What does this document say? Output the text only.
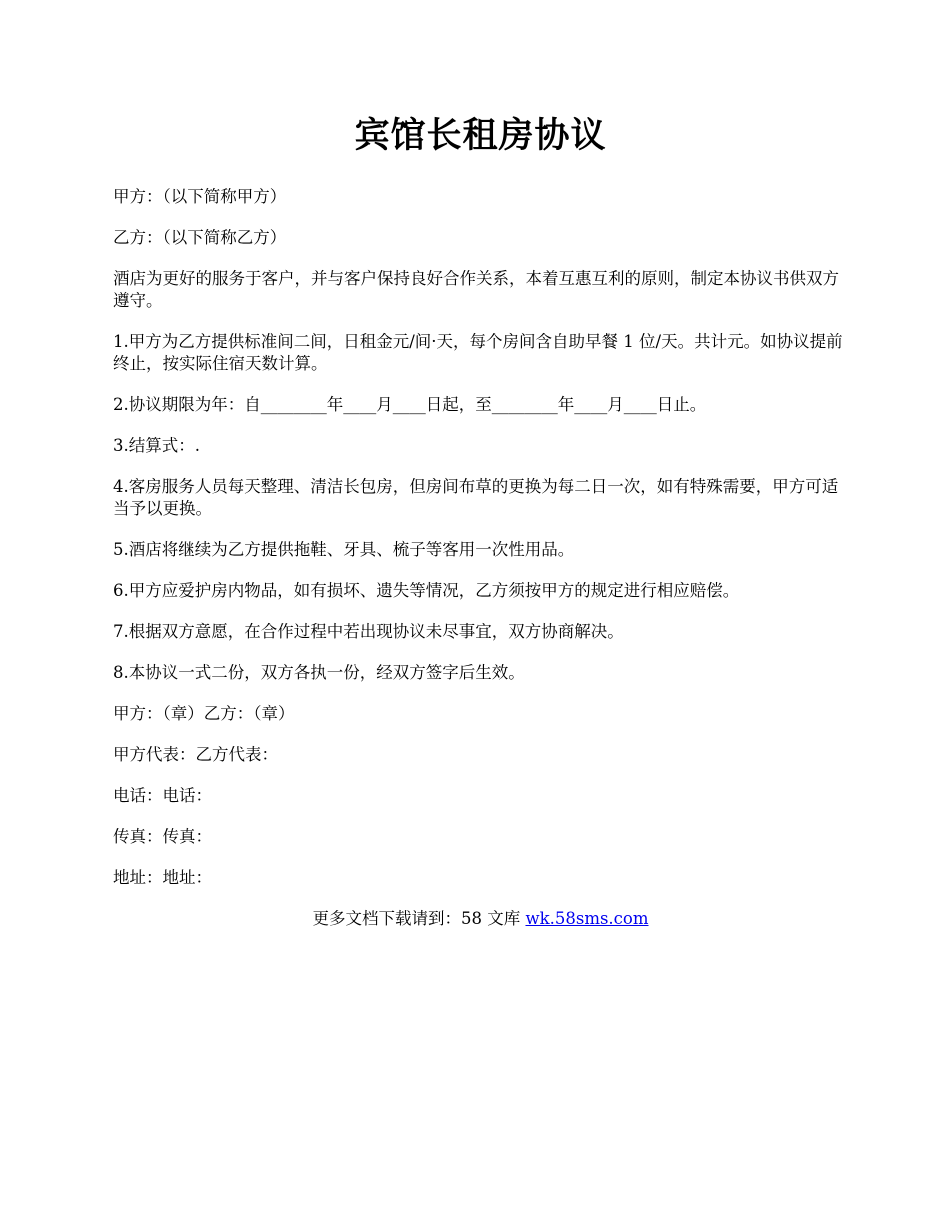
宾馆长租房协议

甲方：（以下简称甲方）

乙方：（以下简称乙方）

酒店为更好的服务于客户，并与客户保持良好合作关系，本着互惠互利的原则，制定本协议书供双方遵守。

1.甲方为乙方提供标准间二间，日租金元/间·天，每个房间含自助早餐 1 位/天。共计元。如协议提前终止，按实际住宿天数计算。

2.协议期限为年：自________年____月____日起，至________年____月____日止。

3.结算式：.

4.客房服务人员每天整理、清洁长包房，但房间布草的更换为每二日一次，如有特殊需要，甲方可适当予以更换。

5.酒店将继续为乙方提供拖鞋、牙具、梳子等客用一次性用品。

6.甲方应爱护房内物品，如有损坏、遗失等情况，乙方须按甲方的规定进行相应赔偿。

7.根据双方意愿，在合作过程中若出现协议未尽事宜，双方协商解决。

8.本协议一式二份，双方各执一份，经双方签字后生效。

甲方：（章）乙方：（章）

甲方代表：乙方代表：

电话：电话：

传真：传真：

地址：地址：

更多文档下载请到：58 文库 wk.58sms.com
